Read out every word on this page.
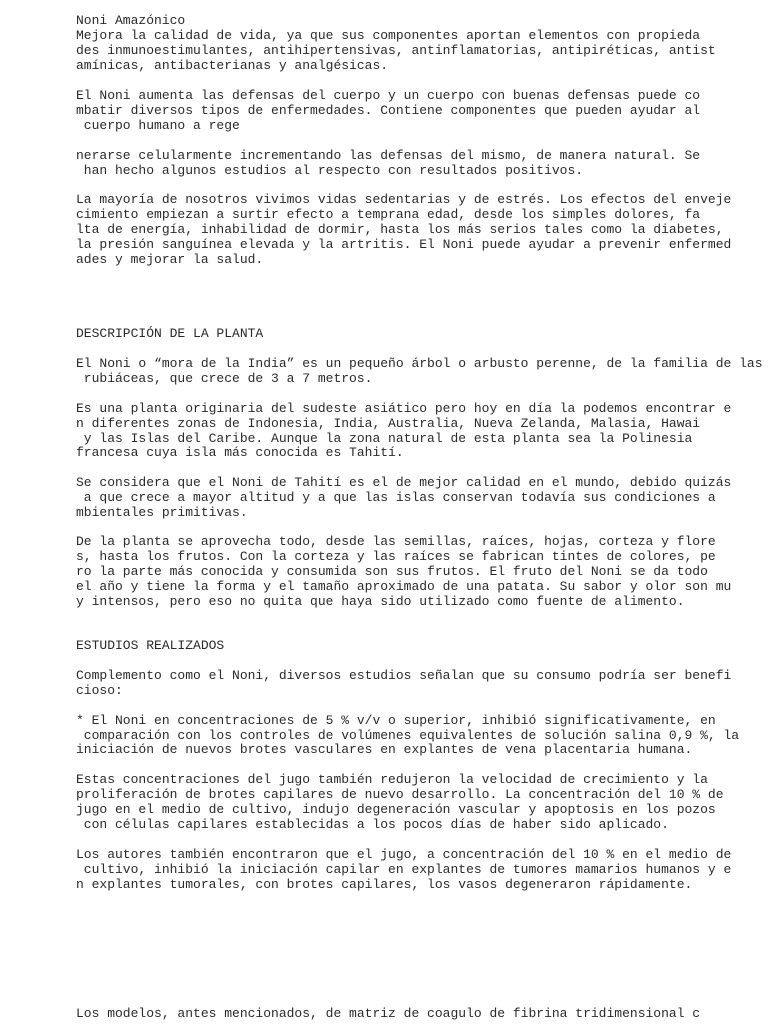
Noni Amazónico

Mejora la calidad de vida, ya que sus componentes aportan elementos con propieda

des inmunoestimulantes, antihipertensivas, antinflamatorias, antipiréticas, antist

amínicas, antibacterianas y analgésicas.

El Noni aumenta las defensas del cuerpo y un cuerpo con buenas defensas puede co

mbatir diversos tipos de enfermedades. Contiene componentes que pueden ayudar al

cuerpo humano a rege

nerarse celularmente incrementando las defensas del mismo, de manera natural. Se

han hecho algunos estudios al respecto con resultados positivos.

La mayoría de nosotros vivimos vidas sedentarias y de estrés. Los efectos del enveje

cimiento empiezan a surtir efecto a temprana edad, desde los simples dolores, fa

lta de energía, inhabilidad de dormir, hasta los más serios tales como la diabetes,

la presión sanguínea elevada y la artritis. El Noni puede ayudar a prevenir enfermed

ades y mejorar la salud.

DESCRIPCIÓN DE LA PLANTA

El Noni o “mora de la India” es un pequeño árbol o arbusto perenne, de la familia de las

rubiáceas, que crece de 3 a 7 metros.

Es una planta originaria del sudeste asiático pero hoy en día la podemos encontrar e

n diferentes zonas de Indonesia, India, Australia, Nueva Zelanda, Malasia, Hawai

y las Islas del Caribe. Aunque la zona natural de esta planta sea la Polinesia

francesa cuya isla más conocida es Tahití.

Se considera que el Noni de Tahití es el de mejor calidad en el mundo, debido quizás

a que crece a mayor altitud y a que las islas conservan todavía sus condiciones a

mbientales primitivas.

De la planta se aprovecha todo, desde las semillas, raíces, hojas, corteza y flore

s, hasta los frutos. Con la corteza y las raíces se fabrican tintes de colores, pe

ro la parte más conocida y consumida son sus frutos. El fruto del Noni se da todo

el año y tiene la forma y el tamaño aproximado de una patata. Su sabor y olor son mu

y intensos, pero eso no quita que haya sido utilizado como fuente de alimento.

ESTUDIOS REALIZADOS

Complemento como el Noni, diversos estudios señalan que su consumo podría ser benefi

cioso:

* El Noni en concentraciones de 5 % v/v o superior, inhibió significativamente, en

comparación con los controles de volúmenes equivalentes de solución salina 0,9 %, la

iniciación de nuevos brotes vasculares en explantes de vena placentaria humana.

Estas concentraciones del jugo también redujeron la velocidad de crecimiento y la

proliferación de brotes capilares de nuevo desarrollo. La concentración del 10 % de

jugo en el medio de cultivo, indujo degeneración vascular y apoptosis en los pozos

con células capilares establecidas a los pocos días de haber sido aplicado.

Los autores también encontraron que el jugo, a concentración del 10 % en el medio de

cultivo, inhibió la iniciación capilar en explantes de tumores mamarios humanos y e

n explantes tumorales, con brotes capilares, los vasos degeneraron rápidamente.

Los modelos, antes mencionados, de matriz de coagulo de fibrina tridimensional c
